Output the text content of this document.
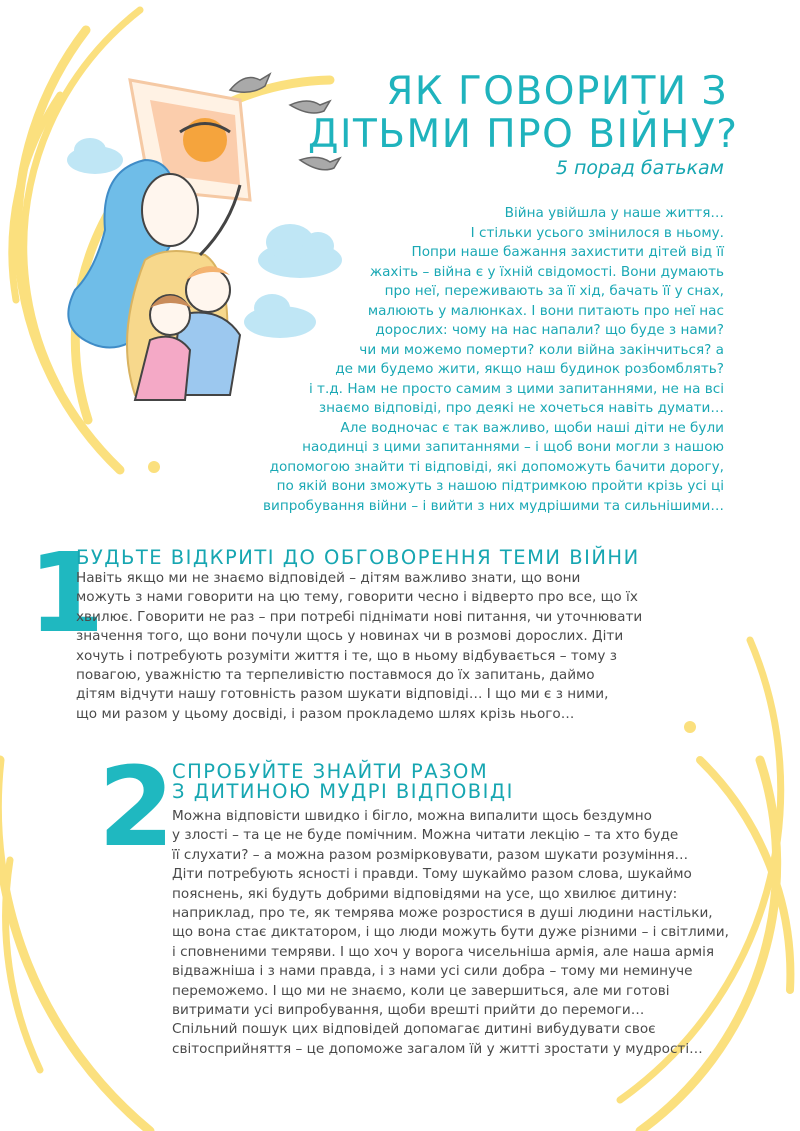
ЯК ГОВОРИТИ З
ДІТЬМИ ПРО ВІЙНУ?
5 порад батькам
Війна увійшла у наше життя…
І стільки усього змінилося в ньому.
Попри наше бажання захистити дітей від її
жахіть – війна є у їхній свідомості. Вони думають
про неї, переживають за її хід, бачать її у снах,
малюють у малюнках. І вони питають про неї нас
дорослих: чому на нас напали? що буде з нами?
чи ми можемо померти? коли війна закінчиться? а
де ми будемо жити, якщо наш будинок розбомблять?
і т.д. Нам не просто самим з цими запитаннями, не на всі
знаємо відповіді, про деякі не хочеться навіть думати…
Але водночас є так важливо, щоби наші діти не були
наодинці з цими запитаннями – і щоб вони могли з нашою
допомогою знайти ті відповіді, які допоможуть бачити дорогу,
по якій вони зможуть з нашою підтримкою пройти крізь усі ці
випробування війни – і вийти з них мудрішими та сильнішими…
1
БУДЬТЕ ВІДКРИТІ ДО ОБГОВОРЕННЯ ТЕМИ ВІЙНИ
Навіть якщо ми не знаємо відповідей – дітям важливо знати, що вони
можуть з нами говорити на цю тему, говорити чесно і відверто про все, що їх
хвилює. Говорити не раз – при потребі піднімати нові питання, чи уточнювати
значення того, що вони почули щось у новинах чи в розмові дорослих. Діти
хочуть і потребують розуміти життя і те, що в ньому відбувається – тому з
повагою, уважністю та терпеливістю поставмося до їх запитань, даймо
дітям відчути нашу готовність разом шукати відповіді… І що ми є з ними,
що ми разом у цьому досвіді, і разом прокладемо шлях крізь нього…
2
СПРОБУЙТЕ ЗНАЙТИ РАЗОМ
З ДИТИНОЮ МУДРІ ВІДПОВІДІ
Можна відповісти швидко і бігло, можна випалити щось бездумно
у злості – та це не буде помічним. Можна читати лекцію – та хто буде
її слухати? – а можна разом розмірковувати, разом шукати розуміння…
Діти потребують ясності і правди. Тому шукаймо разом слова, шукаймо
пояснень, які будуть добрими відповідями на усе, що хвилює дитину:
наприклад, про те, як темрява може розростися в душі людини настільки,
що вона стає диктатором, і що люди можуть бути дуже різними – і світлими,
і сповненими темряви. І що хоч у ворога чисельніша армія, але наша армія
відважніша і з нами правда, і з нами усі сили добра – тому ми неминуче
переможемо. І що ми не знаємо, коли це завершиться, але ми готові
витримати усі випробування, щоби врешті прийти до перемоги…
Спільний пошук цих відповідей допомагає дитині вибудувати своє
світосприйняття – це допоможе загалом їй у житті зростати у мудрості…
